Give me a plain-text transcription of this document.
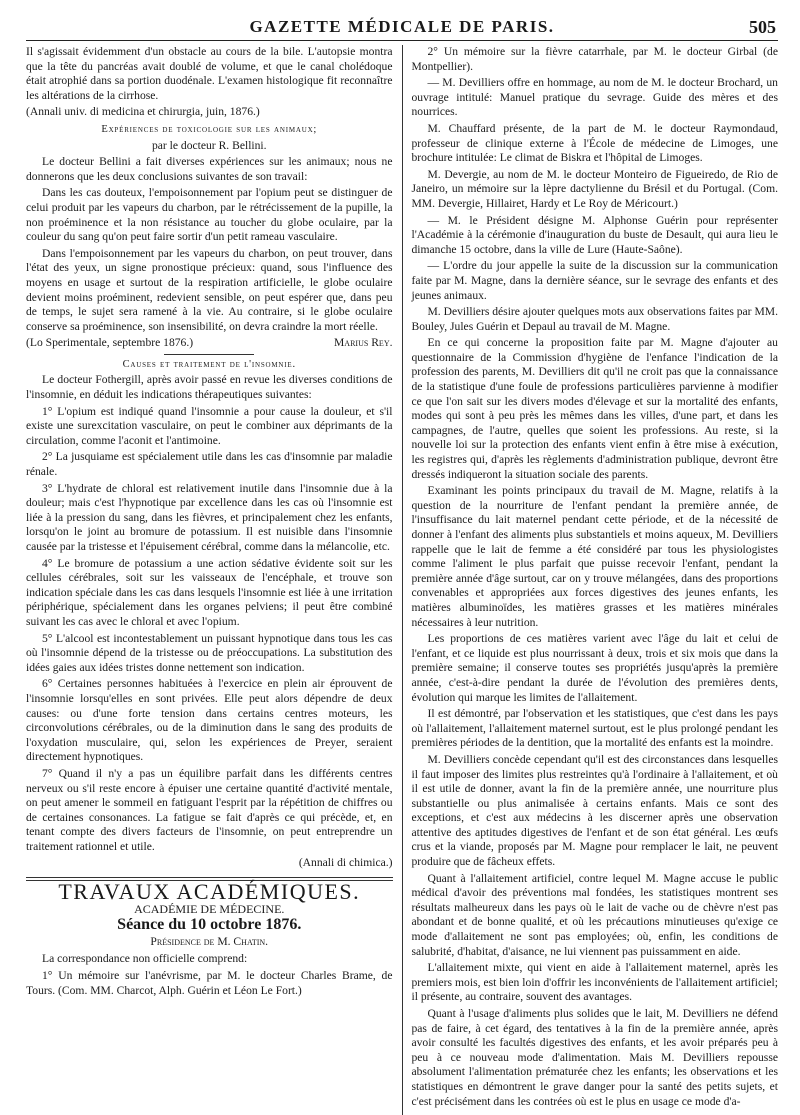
GAZETTE MÉDICALE DE PARIS.	505

Il s'agissait évidemment d'un obstacle au cours de la bile. L'autopsie montra que la tête du pancréas avait doublé de volume, et que le canal cholédoque était atrophié dans sa portion duodénale. L'examen histologique fit reconnaître les altérations de la cirrhose.

(Annali univ. di medicina et chirurgia, juin, 1876.)

Expériences de toxicologie sur les animaux;

par le docteur R. Bellini.

Le docteur Bellini a fait diverses expériences sur les animaux; nous ne donnerons que les deux conclusions suivantes de son travail:

Dans les cas douteux, l'empoisonnement par l'opium peut se distinguer de celui produit par les vapeurs du charbon, par le rétrécissement de la pupille, la non proéminence et la non résistance au toucher du globe oculaire, par la couleur du sang qu'on peut faire sortir d'un petit rameau vasculaire.

Dans l'empoisonnement par les vapeurs du charbon, on peut trouver, dans l'état des yeux, un signe pronostique précieux: quand, sous l'influence des moyens en usage et surtout de la respiration artificielle, le globe oculaire devient moins proéminent, redevient sensible, on peut espérer que, dans peu de temps, le sujet sera ramené à la vie. Au contraire, si le globe oculaire conserve sa proéminence, son insensibilité, on devra craindre la mort réelle.

(Lo Sperimentale, septembre 1876.)	Marius Rey.

Causes et traitement de l'insomnie.

Le docteur Fothergill, après avoir passé en revue les diverses conditions de l'insomnie, en déduit les indications thérapeutiques suivantes:

1° L'opium est indiqué quand l'insomnie a pour cause la douleur, et s'il existe une surexcitation vasculaire, on peut le combiner aux déprimants de la circulation, comme l'aconit et l'antimoine.

2° La jusquiame est spécialement utile dans les cas d'insomnie par maladie rénale.

3° L'hydrate de chloral est relativement inutile dans l'insomnie due à la douleur; mais c'est l'hypnotique par excellence dans les cas où l'insomnie est liée à la pression du sang, dans les fièvres, et principalement chez les enfants, lorsqu'on le joint au bromure de potassium. Il est nuisible dans l'insomnie causée par la tristesse et l'épuisement cérébral, comme dans la mélancolie, etc.

4° Le bromure de potassium a une action sédative évidente soit sur les cellules cérébrales, soit sur les vaisseaux de l'encéphale, et trouve son indication spéciale dans les cas dans lesquels l'insomnie est liée à une irritation périphérique, spécialement dans les organes pelviens; il peut être combiné suivant les cas avec le chloral et avec l'opium.

5° L'alcool est incontestablement un puissant hypnotique dans tous les cas où l'insomnie dépend de la tristesse ou de préoccupations. La substitution des idées gaies aux idées tristes donne nettement son indication.

6° Certaines personnes habituées à l'exercice en plein air éprouvent de l'insomnie lorsqu'elles en sont privées. Elle peut alors dépendre de deux causes: ou d'une forte tension dans certains centres moteurs, les circonvolutions cérébrales, ou de la diminution dans le sang des produits de l'oxydation musculaire, qui, selon les expériences de Preyer, seraient directement hypnotiques.

7° Quand il n'y a pas un équilibre parfait dans les différents centres nerveux ou s'il reste encore à épuiser une certaine quantité d'activité mentale, on peut amener le sommeil en fatiguant l'esprit par la répétition de chiffres ou de certaines consonances. La fatigue se fait d'après ce qui précède, et, en tenant compte des divers facteurs de l'insomnie, on peut entreprendre un traitement rationnel et utile.

(Annali di chimica.)

TRAVAUX ACADÉMIQUES.

ACADÉMIE DE MÉDECINE.

Séance du 10 octobre 1876.

Présidence de M. Chatin.

La correspondance non officielle comprend:

1° Un mémoire sur l'anévrisme, par M. le docteur Charles Brame, de Tours. (Com. MM. Charcot, Alph. Guérin et Léon Le Fort.)

2° Un mémoire sur la fièvre catarrhale, par M. le docteur Girbal (de Montpellier).

— M. Devilliers offre en hommage, au nom de M. le docteur Brochard, un ouvrage intitulé: Manuel pratique du sevrage. Guide des mères et des nourrices.

M. Chauffard présente, de la part de M. le docteur Raymondaud, professeur de clinique externe à l'École de médecine de Limoges, une brochure intitulée: Le climat de Biskra et l'hôpital de Limoges.

M. Devergie, au nom de M. le docteur Monteiro de Figueiredo, de Rio de Janeiro, un mémoire sur la lèpre dactylienne du Brésil et du Portugal. (Com. MM. Devergie, Hillairet, Hardy et Le Roy de Méricourt.)

— M. le Président désigne M. Alphonse Guérin pour représenter l'Académie à la cérémonie d'inauguration du buste de Desault, qui aura lieu le dimanche 15 octobre, dans la ville de Lure (Haute-Saône).

— L'ordre du jour appelle la suite de la discussion sur la communication faite par M. Magne, dans la dernière séance, sur le sevrage des enfants et des jeunes animaux.

M. Devilliers désire ajouter quelques mots aux observations faites par MM. Bouley, Jules Guérin et Depaul au travail de M. Magne.

En ce qui concerne la proposition faite par M. Magne d'ajouter au questionnaire de la Commission d'hygiène de l'enfance l'indication de la profession des parents, M. Devilliers dit qu'il ne croit pas que la connaissance de la statistique d'une foule de professions particulières parvienne à modifier ce que l'on sait sur les divers modes d'élevage et sur la mortalité des enfants, modes qui sont à peu près les mêmes dans les villes, d'une part, et dans les campagnes, de l'autre, quelles que soient les professions. Au reste, si la nouvelle loi sur la protection des enfants vient enfin à être mise à exécution, les registres qui, d'après les règlements d'administration publique, devront être dressés indiqueront la situation sociale des parents.

Examinant les points principaux du travail de M. Magne, relatifs à la question de la nourriture de l'enfant pendant la première année, de l'insuffisance du lait maternel pendant cette période, et de la nécessité de donner à l'enfant des aliments plus substantiels et moins aqueux, M. Devilliers rappelle que le lait de femme a été considéré par tous les physiologistes comme l'aliment le plus parfait que puisse recevoir l'enfant, pendant la première année d'âge surtout, car on y trouve mélangées, dans des proportions convenables et appropriées aux forces digestives des jeunes enfants, les matières albuminoïdes, les matières grasses et les matières minérales nécessaires à leur nutrition.

Les proportions de ces matières varient avec l'âge du lait et celui de l'enfant, et ce liquide est plus nourrissant à deux, trois et six mois que dans la première semaine; il conserve toutes ses propriétés jusqu'après la première année, c'est-à-dire pendant la durée de l'évolution des premières dents, évolution qui marque les limites de l'allaitement.

Il est démontré, par l'observation et les statistiques, que c'est dans les pays où l'allaitement, l'allaitement maternel surtout, est le plus prolongé pendant les premières périodes de la dentition, que la mortalité des enfants est la moindre.

M. Devilliers concède cependant qu'il est des circonstances dans lesquelles il faut imposer des limites plus restreintes qu'à l'ordinaire à l'allaitement, et où il est utile de donner, avant la fin de la première année, une nourriture plus substantielle ou plus animalisée à certains enfants. Mais ce sont des exceptions, et c'est aux médecins à les discerner après une observation attentive des aptitudes digestives de l'enfant et de son état général. Les œufs crus et la viande, proposés par M. Magne pour remplacer le lait, ne peuvent produire que de fâcheux effets.

Quant à l'allaitement artificiel, contre lequel M. Magne accuse le public médical d'avoir des préventions mal fondées, les statistiques montrent ses résultats malheureux dans les pays où le lait de vache ou de chèvre n'est pas abondant et de bonne qualité, et où les précautions minutieuses qu'exige ce mode d'allaitement ne sont pas employées; où, enfin, les conditions de salubrité, d'habitat, d'aisance, ne lui viennent pas puissamment en aide.

L'allaitement mixte, qui vient en aide à l'allaitement maternel, après les premiers mois, est bien loin d'offrir les inconvénients de l'allaitement artificiel; il présente, au contraire, souvent des avantages.

Quant à l'usage d'aliments plus solides que le lait, M. Devilliers ne défend pas de faire, à cet égard, des tentatives à la fin de la première année, après avoir consulté les facultés digestives des enfants, et les avoir préparés peu à peu à ce nouveau mode d'alimentation. Mais M. Devilliers repousse absolument l'alimentation prématurée chez les enfants; les observations et les statistiques en démontrent le grave danger pour la santé des petits sujets, et c'est précisément dans les contrées où est le plus en usage ce mode d'a-
